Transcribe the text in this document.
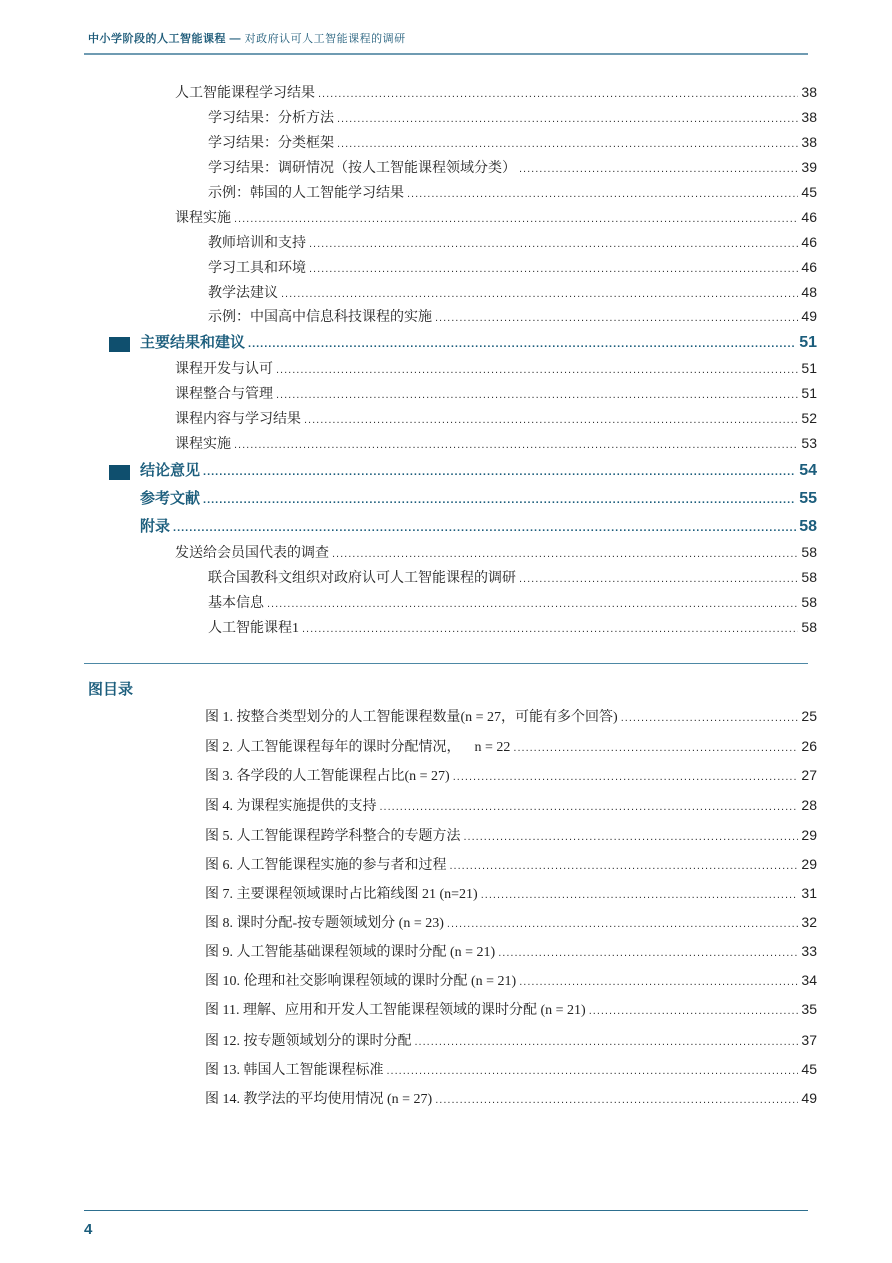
中小学阶段的人工智能课程 — 对政府认可人工智能课程的调研
人工智能课程学习结果 .....	38
学习结果：分析方法 .....	38
学习结果：分类框架 .....	38
学习结果：调研情况（按人工智能课程领域分类） .....	39
示例：韩国的人工智能学习结果 .....	45
课程实施 .....	46
教师培训和支持 .....	46
学习工具和环境 .....	46
教学法建议 .....	48
示例：中国高中信息科技课程的实施 .....	49
主要结果和建议 .....	51
课程开发与认可 .....	51
课程整合与管理 .....	51
课程内容与学习结果 .....	52
课程实施 .....	53
结论意见 .....	54
参考文献 .....	55
附录 .....	58
发送给会员国代表的调查 .....	58
联合国教科文组织对政府认可人工智能课程的调研 .....	58
基本信息 .....	58
人工智能课程1 .....	58
图目录
图 1. 按整合类型划分的人工智能课程数量(n = 27，可能有多个回答) .....	25
图 2. 人工智能课程每年的课时分配情况，    n = 22 .....	26
图 3. 各学段的人工智能课程占比(n = 27) .....	27
图 4. 为课程实施提供的支持 .....	28
图 5. 人工智能课程跨学科整合的专题方法 .....	29
图 6. 人工智能课程实施的参与者和过程 .....	29
图 7. 主要课程领域课时占比箱线图 21 (n=21) .....	31
图 8. 课时分配-按专题领域划分 (n = 23) .....	32
图 9. 人工智能基础课程领域的课时分配 (n = 21) .....	33
图 10. 伦理和社交影响课程领域的课时分配 (n = 21) .....	34
图 11. 理解、应用和开发人工智能课程领域的课时分配 (n = 21) .....	35
图 12. 按专题领域划分的课时分配 .....	37
图 13. 韩国人工智能课程标准 .....	45
图 14. 教学法的平均使用情况 (n = 27) .....	49
4
